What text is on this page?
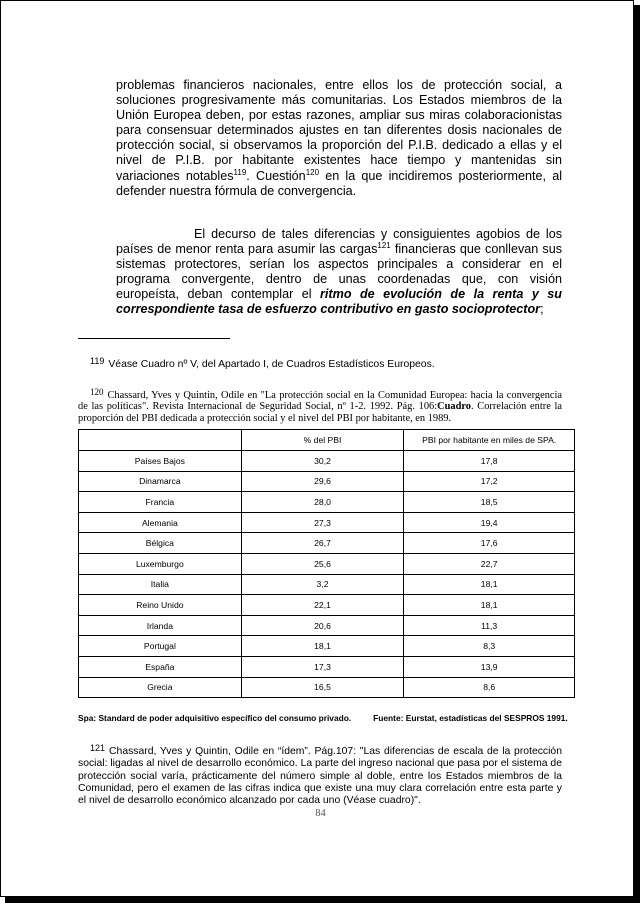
problemas financieros nacionales, entre ellos los de protección social, a soluciones progresivamente más comunitarias. Los Estados miembros de la Unión Europea deben, por estas razones, ampliar sus miras colaboracionistas para consensuar determinados ajustes en tan diferentes dosis nacionales de protección social, si observamos la proporción del P.I.B. dedicado a ellas y el nivel de P.I.B. por habitante existentes hace tiempo y mantenidas sin variaciones notables$^{119}$. Cuestión$^{120}$ en la que incidiremos posteriormente, al defender nuestra fórmula de convergencia.

El decurso de tales diferencias y consiguientes agobios de los países de menor renta para asumir las cargas$^{121}$ financieras que conllevan sus sistemas protectores, serían los aspectos principales a considerar en el programa convergente, dentro de unas coordenadas que, con visión europeísta, deban contemplar el ritmo de evolución de la renta y su correspondiente tasa de esfuerzo contributivo en gasto socioprotector;

119 Véase Cuadro nº V, del Apartado I, de Cuadros Estadísticos Europeos.

120 Chassard, Yves y Quintin, Odile en "La protección social en la Comunidad Europea: hacia la convergencia de las políticas". Revista Internacional de Seguridad Social, nº 1-2. 1992. Pág. 106:Cuadro. Correlación entre la proporción del PBI dedicada a protección social y el nivel del PBI por habitante, en 1989.

	% del PBI	PBI por habitante en miles de SPA.
Países Bajos	30,2	17,8
Dinamarca	29,6	17,2
Francia	28,0	18,5
Alemania	27,3	19,4
Bélgica	26,7	17,6
Luxemburgo	25,6	22,7
Italia	3,2	18,1
Reino Unido	22,1	18,1
Irlanda	20,6	11,3
Portugal	18,1	8,3
España	17,3	13,9
Grecia	16,5	8,6
Spa: Standard de poder adquisitivo específico del consumo privado.	Fuente: Eurstat, estadísticas del SESPROS 1991.

121 Chassard, Yves y Quintin, Odile en “ídem”. Pág.107: "Las diferencias de escala de la protección social: ligadas al nivel de desarrollo económico. La parte del ingreso nacional que pasa por el sistema de protección social varía, prácticamente del número simple al doble, entre los Estados miembros de la Comunidad, pero el examen de las cifras indica que existe una muy clara correlación entre esta parte y el nivel de desarrollo económico alcanzado por cada uno (Véase cuadro)".

84
